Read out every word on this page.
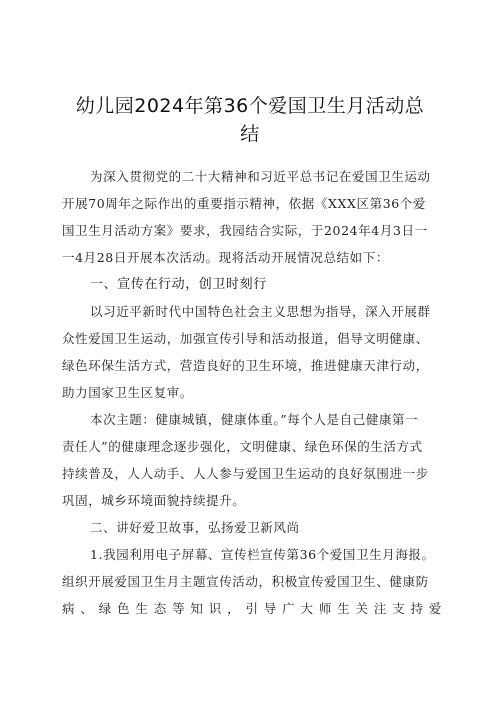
幼儿园2024年第36个爱国卫生月活动总
结
为深入贯彻党的二十大精神和习近平总书记在爱国卫生运动
开展70周年之际作出的重要指示精神，依据《XXX区第36个爱
国卫生月活动方案》要求，我园结合实际，于2024年4月3日一
一4月28日开展本次活动。现将活动开展情况总结如下：
一、宣传在行动，创卫时刻行
以习近平新时代中国特色社会主义思想为指导，深入开展群
众性爱国卫生运动，加强宣传引导和活动报道，倡导文明健康、
绿色环保生活方式，营造良好的卫生环境，推进健康天津行动，
助力国家卫生区复审。
本次主题：健康城镇，健康体重。”每个人是自己健康第一
责任人”的健康理念逐步强化，文明健康、绿色环保的生活方式
持续普及，人人动手、人人参与爱国卫生运动的良好氛围进一步
巩固，城乡环境面貌持续提升。
二、讲好爱卫故事，弘扬爱卫新风尚
1.我园利用电子屏幕、宣传栏宣传第36个爱国卫生月海报。
组织开展爱国卫生月主题宣传活动，积极宣传爱国卫生、健康防
病、绿色生态等知识，引导广大师生关注支持爱
